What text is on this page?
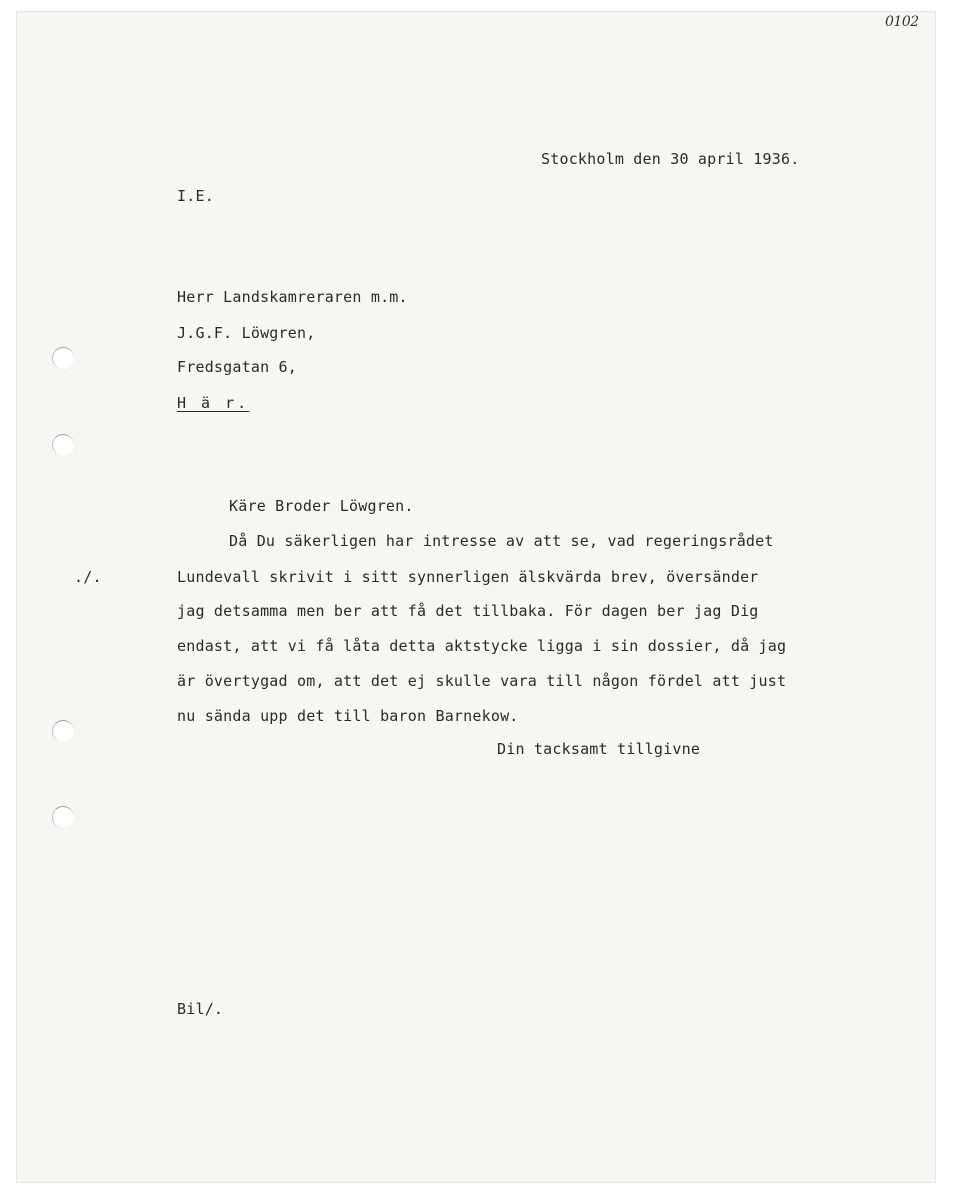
0102
Stockholm den 30 april 1936.
I.E.
Herr Landskamreraren m.m.
J.G.F. Löwgren,
Fredsgatan 6,
H ä r.
Käre Broder Löwgren.
./.
Då Du säkerligen har intresse av att se, vad regeringsrådet
Lundevall skrivit i sitt synnerligen älskvärda brev, översänder
jag detsamma men ber att få det tillbaka. För dagen ber jag Dig
endast, att vi få låta detta aktstycke ligga i sin dossier, då jag
är övertygad om, att det ej skulle vara till någon fördel att just
nu sända upp det till baron Barnekow.
Din tacksamt tillgivne
Bil/.
